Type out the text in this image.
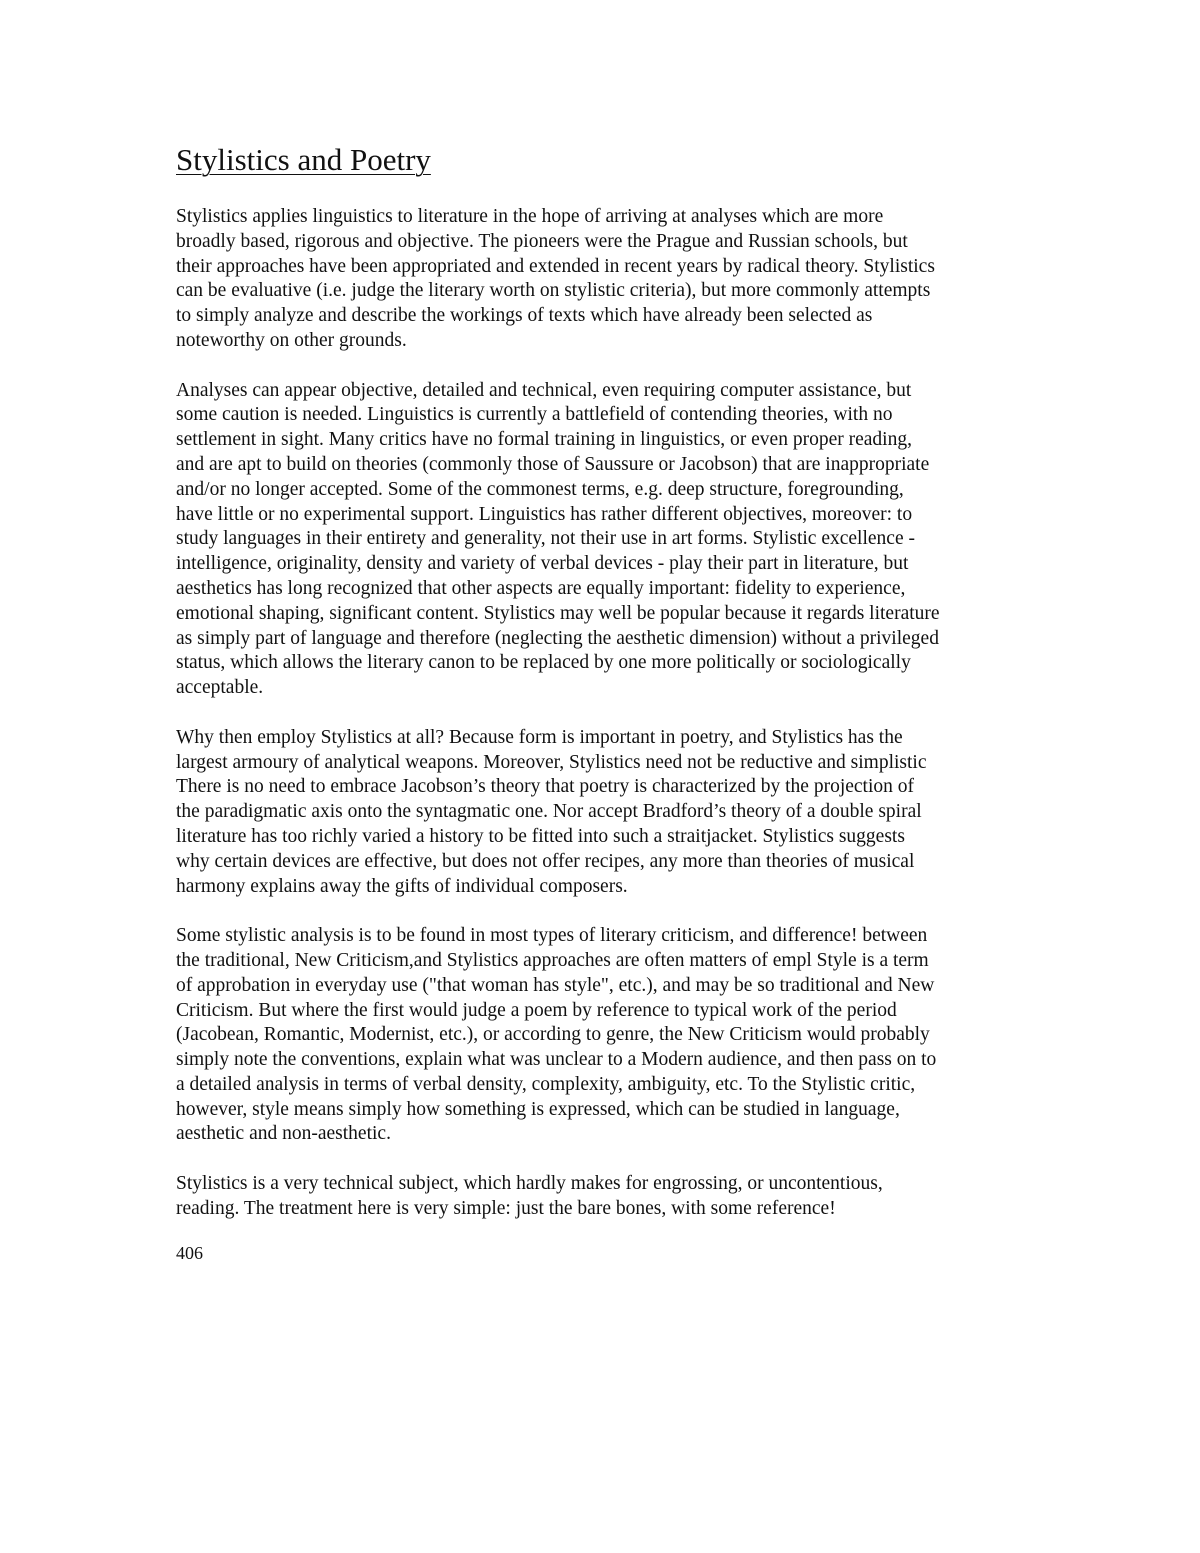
Stylistics and Poetry

Stylistics applies linguistics to literature in the hope of arriving at analyses which are more
broadly based, rigorous and objective. The pioneers were the Prague and Russian schools, but
their approaches have been appropriated and extended in recent years by radical theory. Stylistics
can be evaluative (i.e. judge the literary worth on stylistic criteria), but more commonly attempts
to simply analyze and describe the workings of texts which have already been selected as
noteworthy on other grounds.

Analyses can appear objective, detailed and technical, even requiring computer assistance, but
some caution is needed. Linguistics is currently a battlefield of contending theories, with no
settlement in sight. Many critics have no formal training in linguistics, or even proper reading,
and are apt to build on theories (commonly those of Saussure or Jacobson) that are inappropriate
and/or no longer accepted. Some of the commonest terms, e.g. deep structure, foregrounding,
have little or no experimental support. Linguistics has rather different objectives, moreover: to
study languages in their entirety and generality, not their use in art forms. Stylistic excellence -
intelligence, originality, density and variety of verbal devices - play their part in literature, but
aesthetics has long recognized that other aspects are equally important: fidelity to experience,
emotional shaping, significant content. Stylistics may well be popular because it regards literature
as simply part of language and therefore (neglecting the aesthetic dimension) without a privileged
status, which allows the literary canon to be replaced by one more politically or sociologically
acceptable.

Why then employ Stylistics at all? Because form is important in poetry, and Stylistics has the
largest armoury of analytical weapons. Moreover, Stylistics need not be reductive and simplistic
There is no need to embrace Jacobson’s theory that poetry is characterized by the projection of
the paradigmatic axis onto the syntagmatic one. Nor accept Bradford’s theory of a double spiral
literature has too richly varied a history to be fitted into such a straitjacket. Stylistics suggests
why certain devices are effective, but does not offer recipes, any more than theories of musical
harmony explains away the gifts of individual composers.

Some stylistic analysis is to be found in most types of literary criticism, and difference! between
the traditional, New Criticism,and Stylistics approaches are often matters of empl Style is a term
of approbation in everyday use ("that woman has style", etc.), and may be so traditional and New
Criticism. But where the first would judge a poem by reference to typical work of the period
(Jacobean, Romantic, Modernist, etc.), or according to genre, the New Criticism would probably
simply note the conventions, explain what was unclear to a Modern audience, and then pass on to
a detailed analysis in terms of verbal density, complexity, ambiguity, etc. To the Stylistic critic,
however, style means simply how something is expressed, which can be studied in language,
aesthetic and non-aesthetic.

Stylistics is a very technical subject, which hardly makes for engrossing, or uncontentious,
reading. The treatment here is very simple: just the bare bones, with some reference!

406
